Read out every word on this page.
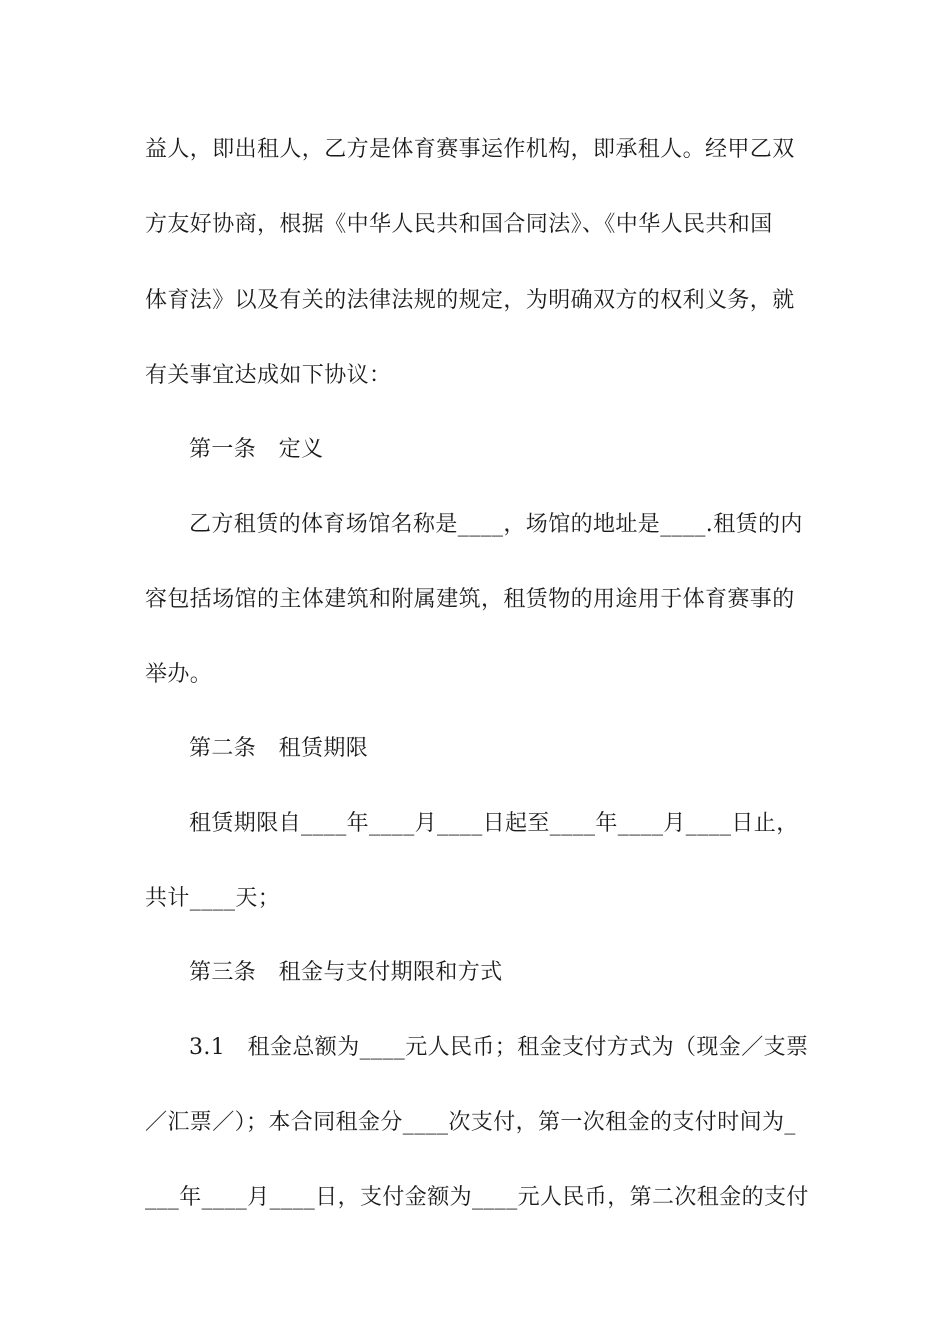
益人，即出租人，乙方是体育赛事运作机构，即承租人。经甲乙双
方友好协商，根据《中华人民共和国合同法》、《中华人民共和国
体育法》以及有关的法律法规的规定，为明确双方的权利义务，就
有关事宜达成如下协议：
第一条　定义
乙方租赁的体育场馆名称是____，场馆的地址是____.租赁的内
容包括场馆的主体建筑和附属建筑，租赁物的用途用于体育赛事的
举办。
第二条　租赁期限
租赁期限自____年____月____日起至____年____月____日止，
共计____天；
第三条　租金与支付期限和方式
3.1　租金总额为____元人民币；租金支付方式为（现金／支票
／汇票／）；本合同租金分____次支付，第一次租金的支付时间为_
___年____月____日，支付金额为____元人民币，第二次租金的支付
